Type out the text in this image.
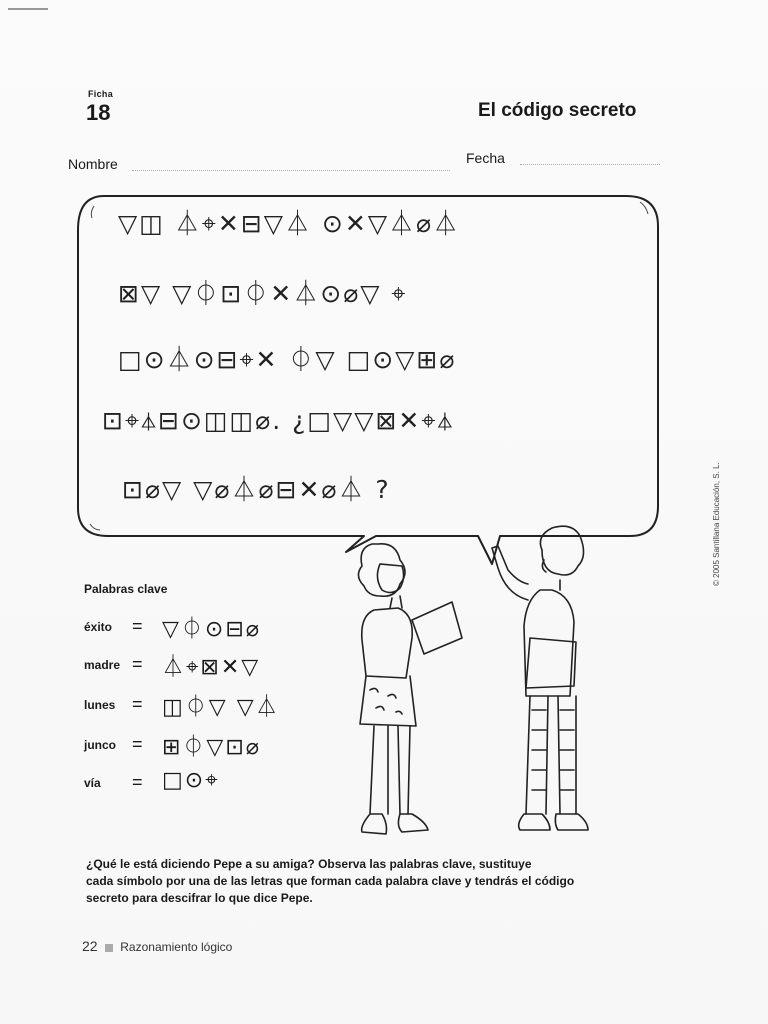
Ficha
18	El código secreto
Nombre	Fecha
▽◫ ⏃⌖✕⊟▽⏃ ⊙✕▽⏃⌀⏃
⊠▽ ▽⏀⊡⏀✕⏃⊙⌀▽ ⌖
□⊙⏃⊙⊟⌖✕ ⏀▽ □⊙▽⊞⌀
⊡⌖⏃⊟⊙◫◫⌀. ¿□▽▽⊠✕⌖⏃
⊡⌀▽ ▽⌀⏃⌀⊟✕⌀⏃ ?
Palabras clave
éxito = ▽⏀⊙⊟⌀
madre = ⏃⌖⊠✕▽
lunes = ◫⏀▽ ▽⏃
junco = ⊞⏀▽⊡⌀
vía = □⊙⌖

¿Qué le está diciendo Pepe a su amiga? Observa las palabras clave, sustituye

cada símbolo por una de las letras que forman cada palabra clave y tendrás el código

secreto para descifrar lo que dice Pepe.

22 Razonamiento lógico
© 2005 Santillana Educación, S. L.
